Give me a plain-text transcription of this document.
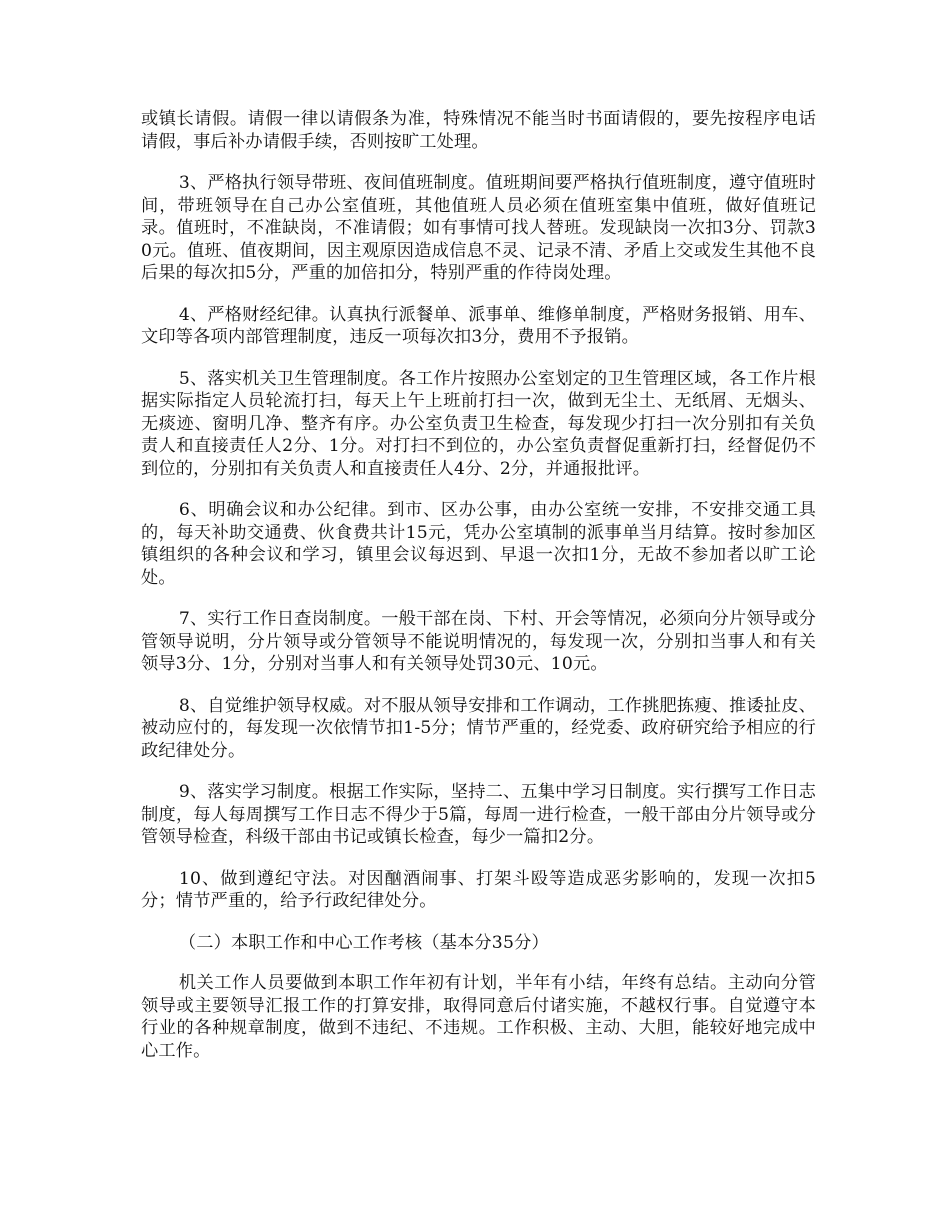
或镇长请假。请假一律以请假条为准，特殊情况不能当时书面请假的，要先按程序电话请假，事后补办请假手续，否则按旷工处理。

3、严格执行领导带班、夜间值班制度。值班期间要严格执行值班制度，遵守值班时间，带班领导在自己办公室值班，其他值班人员必须在值班室集中值班，做好值班记录。值班时，不准缺岗，不准请假；如有事情可找人替班。发现缺岗一次扣3分、罚款30元。值班、值夜期间，因主观原因造成信息不灵、记录不清、矛盾上交或发生其他不良后果的每次扣5分，严重的加倍扣分，特别严重的作待岗处理。

4、严格财经纪律。认真执行派餐单、派事单、维修单制度，严格财务报销、用车、文印等各项内部管理制度，违反一项每次扣3分，费用不予报销。

5、落实机关卫生管理制度。各工作片按照办公室划定的卫生管理区域，各工作片根据实际指定人员轮流打扫，每天上午上班前打扫一次，做到无尘土、无纸屑、无烟头、无痰迹、窗明几净、整齐有序。办公室负责卫生检查，每发现少打扫一次分别扣有关负责人和直接责任人2分、1分。对打扫不到位的，办公室负责督促重新打扫，经督促仍不到位的，分别扣有关负责人和直接责任人4分、2分，并通报批评。

6、明确会议和办公纪律。到市、区办公事，由办公室统一安排，不安排交通工具的，每天补助交通费、伙食费共计15元，凭办公室填制的派事单当月结算。按时参加区镇组织的各种会议和学习，镇里会议每迟到、早退一次扣1分，无故不参加者以旷工论处。

7、实行工作日查岗制度。一般干部在岗、下村、开会等情况，必须向分片领导或分管领导说明，分片领导或分管领导不能说明情况的，每发现一次，分别扣当事人和有关领导3分、1分，分别对当事人和有关领导处罚30元、10元。

8、自觉维护领导权威。对不服从领导安排和工作调动，工作挑肥拣瘦、推诿扯皮、被动应付的，每发现一次依情节扣1-5分；情节严重的，经党委、政府研究给予相应的行政纪律处分。

9、落实学习制度。根据工作实际，坚持二、五集中学习日制度。实行撰写工作日志制度，每人每周撰写工作日志不得少于5篇，每周一进行检查，一般干部由分片领导或分管领导检查，科级干部由书记或镇长检查，每少一篇扣2分。

10、做到遵纪守法。对因酗酒闹事、打架斗殴等造成恶劣影响的，发现一次扣5分；情节严重的，给予行政纪律处分。

（二）本职工作和中心工作考核（基本分35分）

机关工作人员要做到本职工作年初有计划，半年有小结，年终有总结。主动向分管领导或主要领导汇报工作的打算安排，取得同意后付诸实施，不越权行事。自觉遵守本行业的各种规章制度，做到不违纪、不违规。工作积极、主动、大胆，能较好地完成中心工作。
